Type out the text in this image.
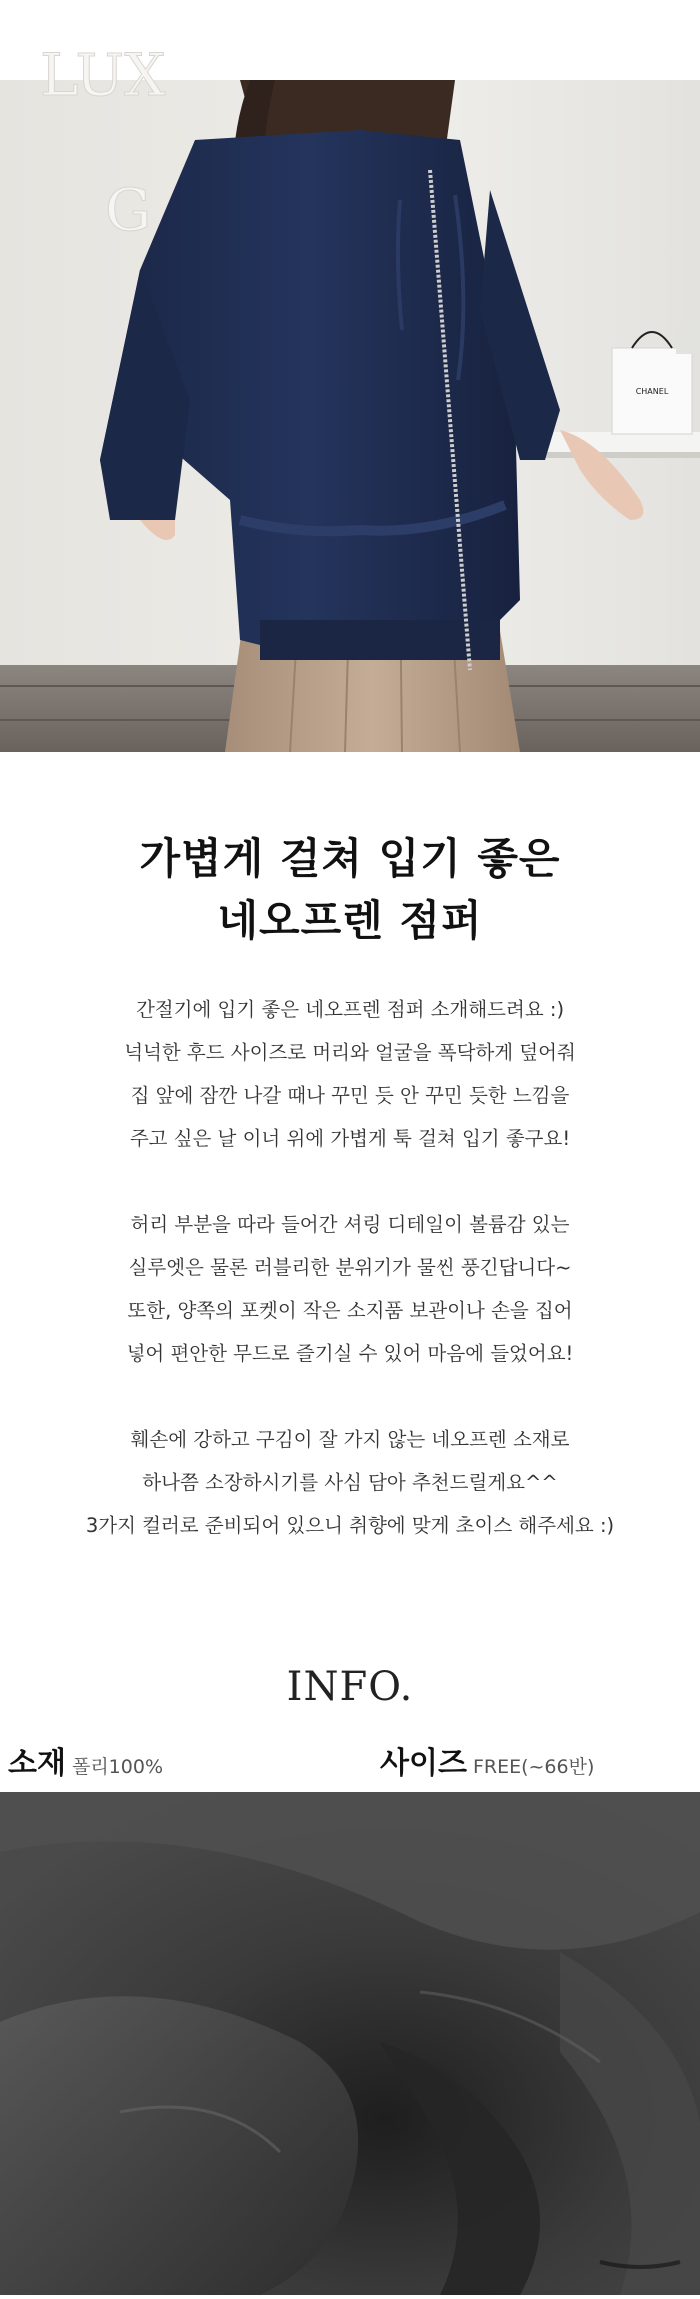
LUX
G
CHANEL
가볍게 걸쳐 입기 좋은
네오프렌 점퍼
간절기에 입기 좋은 네오프렌 점퍼 소개해드려요 :)
넉넉한 후드 사이즈로 머리와 얼굴을 폭닥하게 덮어줘
집 앞에 잠깐 나갈 때나 꾸민 듯 안 꾸민 듯한 느낌을
주고 싶은 날 이너 위에 가볍게 툭 걸쳐 입기 좋구요!
허리 부분을 따라 들어간 셔링 디테일이 볼륨감 있는
실루엣은 물론 러블리한 분위기가 물씬 풍긴답니다~
또한, 양쪽의 포켓이 작은 소지품 보관이나 손을 집어
넣어 편안한 무드로 즐기실 수 있어 마음에 들었어요!
훼손에 강하고 구김이 잘 가지 않는 네오프렌 소재로
하나쯤 소장하시기를 사심 담아 추천드릴게요^^
3가지 컬러로 준비되어 있으니 취향에 맞게 초이스 해주세요 :)
INFO.
소재 폴리100%	사이즈 FREE(~66반)
